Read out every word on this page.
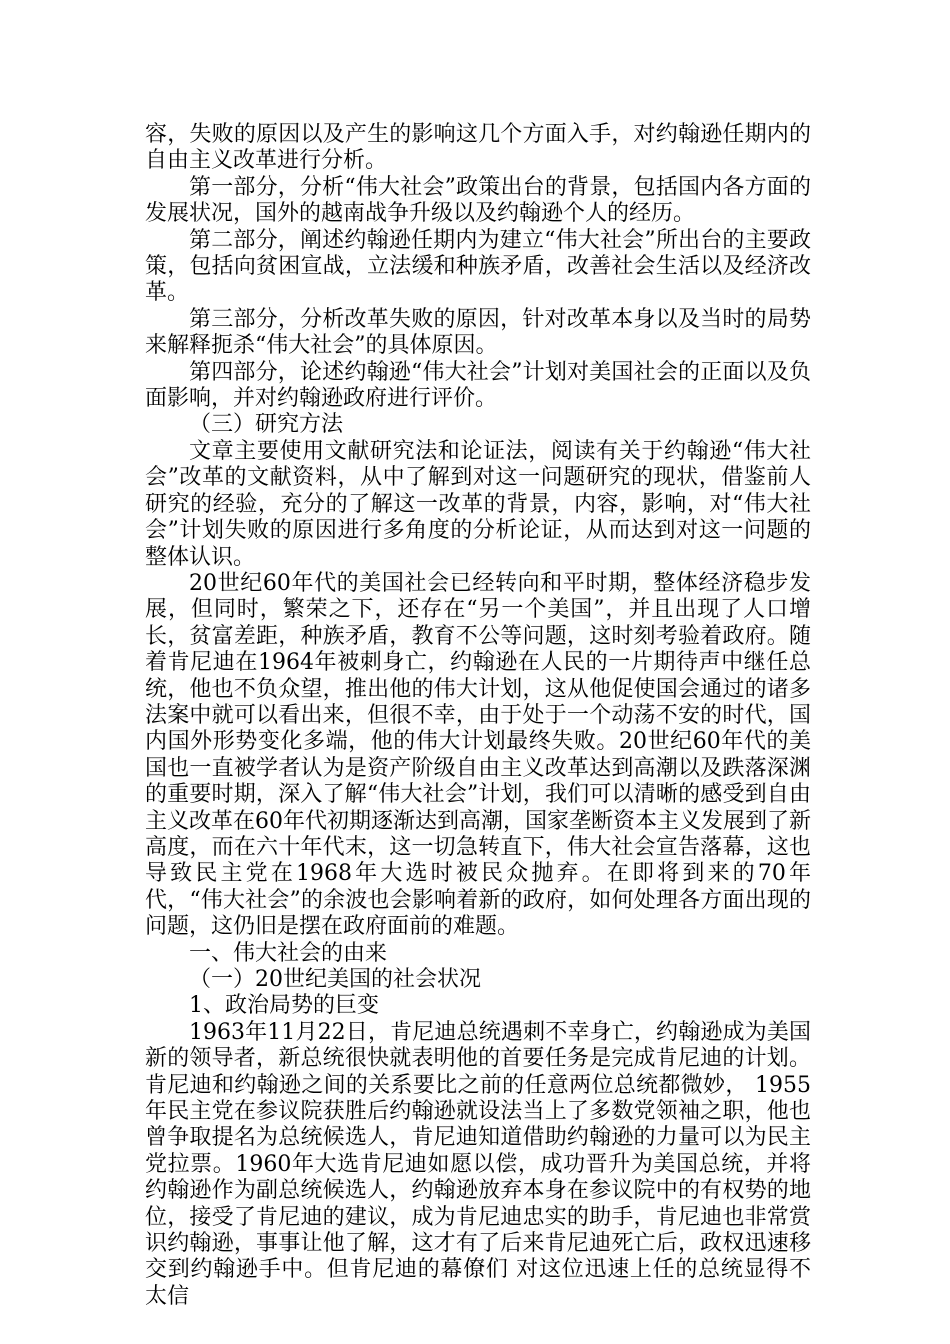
容，失败的原因以及产生的影响这几个方面入手，对约翰逊任期内的自由主义改革进行分析。

第一部分，分析“伟大社会”政策出台的背景，包括国内各方面的发展状况，国外的越南战争升级以及约翰逊个人的经历。

第二部分，阐述约翰逊任期内为建立“伟大社会”所出台的主要政策，包括向贫困宣战，立法缓和种族矛盾，改善社会生活以及经济改革。

第三部分，分析改革失败的原因，针对改革本身以及当时的局势来解释扼杀“伟大社会”的具体原因。

第四部分，论述约翰逊“伟大社会”计划对美国社会的正面以及负面影响，并对约翰逊政府进行评价。

（三）研究方法

文章主要使用文献研究法和论证法，阅读有关于约翰逊“伟大社会”改革的文献资料，从中了解到对这一问题研究的现状，借鉴前人研究的经验，充分的了解这一改革的背景，内容，影响，对“伟大社会”计划失败的原因进行多角度的分析论证，从而达到对这一问题的整体认识。

20世纪60年代的美国社会已经转向和平时期，整体经济稳步发展，但同时，繁荣之下，还存在“另一个美国”，并且出现了人口增长，贫富差距，种族矛盾，教育不公等问题，这时刻考验着政府。随着肯尼迪在1964年被刺身亡，约翰逊在人民的一片期待声中继任总统，他也不负众望，推出他的伟大计划，这从他促使国会通过的诸多法案中就可以看出来，但很不幸，由于处于一个动荡不安的时代，国内国外形势变化多端，他的伟大计划最终失败。20世纪60年代的美国也一直被学者认为是资产阶级自由主义改革达到高潮以及跌落深渊的重要时期，深入了解“伟大社会”计划，我们可以清晰的感受到自由主义改革在60年代初期逐渐达到高潮，国家垄断资本主义发展到了新高度，而在六十年代末，这一切急转直下，伟大社会宣告落幕，这也导致民主党在1968年大选时被民众抛弃。在即将到来的70年代，“伟大社会”的余波也会影响着新的政府，如何处理各方面出现的问题，这仍旧是摆在政府面前的难题。

一、伟大社会的由来

（一）20世纪美国的社会状况

1、政治局势的巨变

1963年11月22日，肯尼迪总统遇刺不幸身亡，约翰逊成为美国新的领导者，新总统很快就表明他的首要任务是完成肯尼迪的计划。肯尼迪和约翰逊之间的关系要比之前的任意两位总统都微妙， 1955年民主党在参议院获胜后约翰逊就设法当上了多数党领袖之职，他也曾争取提名为总统候选人，肯尼迪知道借助约翰逊的力量可以为民主党拉票。1960年大选肯尼迪如愿以偿，成功晋升为美国总统，并将约翰逊作为副总统候选人，约翰逊放弃本身在参议院中的有权势的地位，接受了肯尼迪的建议，成为肯尼迪忠实的助手，肯尼迪也非常赏识约翰逊，事事让他了解，这才有了后来肯尼迪死亡后，政权迅速移交到约翰逊手中。但肯尼迪的幕僚们 对这位迅速上任的总统显得不太信
